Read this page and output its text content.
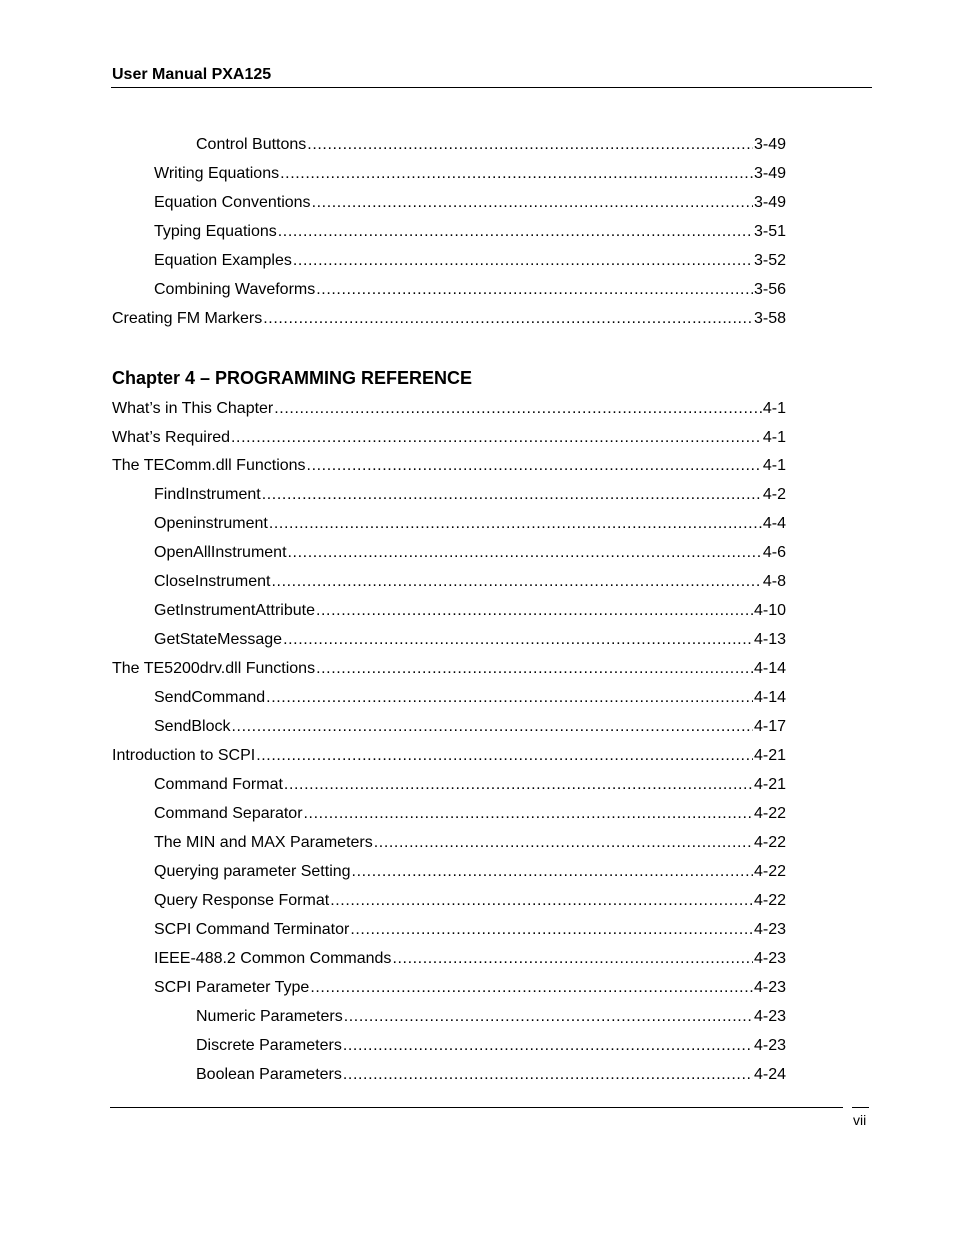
User Manual PXA125
Control Buttons .....	3-49
Writing Equations .....	3-49
Equation Conventions .....	3-49
Typing Equations .....	3-51
Equation Examples .....	3-52
Combining Waveforms .....	3-56
Creating FM Markers .....	3-58
Chapter 4 – PROGRAMMING REFERENCE
What’s in This Chapter .....	4-1
What’s Required .....	4-1
The TEComm.dll Functions .....	4-1
FindInstrument .....	4-2
Openinstrument .....	4-4
OpenAllInstrument .....	4-6
CloseInstrument .....	4-8
GetInstrumentAttribute .....	4-10
GetStateMessage .....	4-13
The TE5200drv.dll Functions .....	4-14
SendCommand .....	4-14
SendBlock .....	4-17
Introduction to SCPI .....	4-21
Command Format .....	4-21
Command Separator .....	4-22
The MIN and MAX Parameters .....	4-22
Querying parameter Setting .....	4-22
Query Response Format .....	4-22
SCPI Command Terminator .....	4-23
IEEE-488.2 Common Commands .....	4-23
SCPI Parameter Type .....	4-23
Numeric Parameters .....	4-23
Discrete Parameters .....	4-23
Boolean Parameters .....	4-24
vii
